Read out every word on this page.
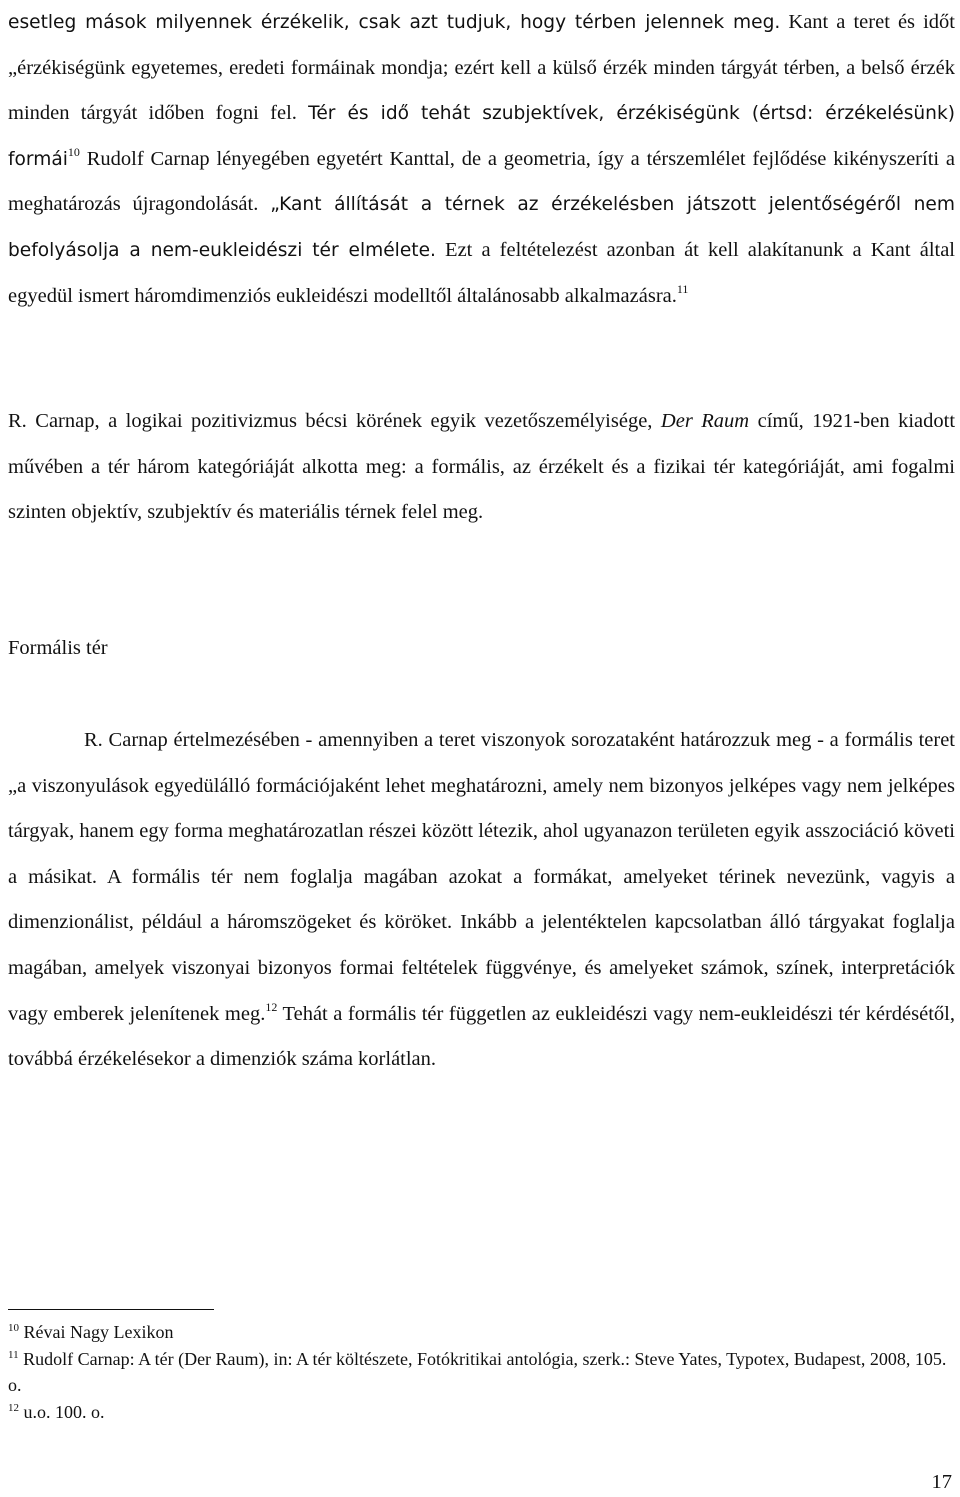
esetleg mások milyennek érzékelik, csak azt tudjuk, hogy térben jelennek meg. Kant a teret és időt „érzékiségünk egyetemes, eredeti formáinak mondja; ezért kell a külső érzék minden tárgyát térben, a belső érzék minden tárgyát időben fogni fel. Tér és idő tehát szubjektívek, érzékiségünk (értsd: érzékelésünk) formái$^{10}$ Rudolf Carnap lényegében egyetért Kanttal, de a geometria, így a térszemlélet fejlődése kikényszeríti a meghatározás újragondolását. „Kant állítását a térnek az érzékelésben játszott jelentőségéről nem befolyásolja a nem-eukleidészi tér elmélete. Ezt a feltételezést azonban át kell alakítanunk a Kant által egyedül ismert háromdimenziós eukleidészi modelltől általánosabb alkalmazásra.$^{11}$

R. Carnap, a logikai pozitivizmus bécsi körének egyik vezetőszemélyisége, Der Raum című, 1921-ben kiadott művében a tér három kategóriáját alkotta meg: a formális, az érzékelt és a fizikai tér kategóriáját, ami fogalmi szinten objektív, szubjektív és materiális térnek felel meg.

Formális tér

R. Carnap értelmezésében - amennyiben a teret viszonyok sorozataként határozzuk meg - a formális teret „a viszonyulások egyedülálló formációjaként lehet meghatározni, amely nem bizonyos jelképes vagy nem jelképes tárgyak, hanem egy forma meghatározatlan részei között létezik, ahol ugyanazon területen egyik asszociáció követi a másikat. A formális tér nem foglalja magában azokat a formákat, amelyeket térinek nevezünk, vagyis a dimenzionálist, például a háromszögeket és köröket. Inkább a jelentéktelen kapcsolatban álló tárgyakat foglalja magában, amelyek viszonyai bizonyos formai feltételek függvénye, és amelyeket számok, színek, interpretációk vagy emberek jelenítenek meg.$^{12}$ Tehát a formális tér független az eukleidészi vagy nem-eukleidészi tér kérdésétől, továbbá érzékelésekor a dimenziók száma korlátlan.

$^{10}$ Révai Nagy Lexikon

$^{11}$ Rudolf Carnap: A tér (Der Raum), in: A tér költészete, Fotókritikai antológia, szerk.: Steve Yates, Typotex, Budapest, 2008, 105. o.

$^{12}$ u.o. 100. o.

17
